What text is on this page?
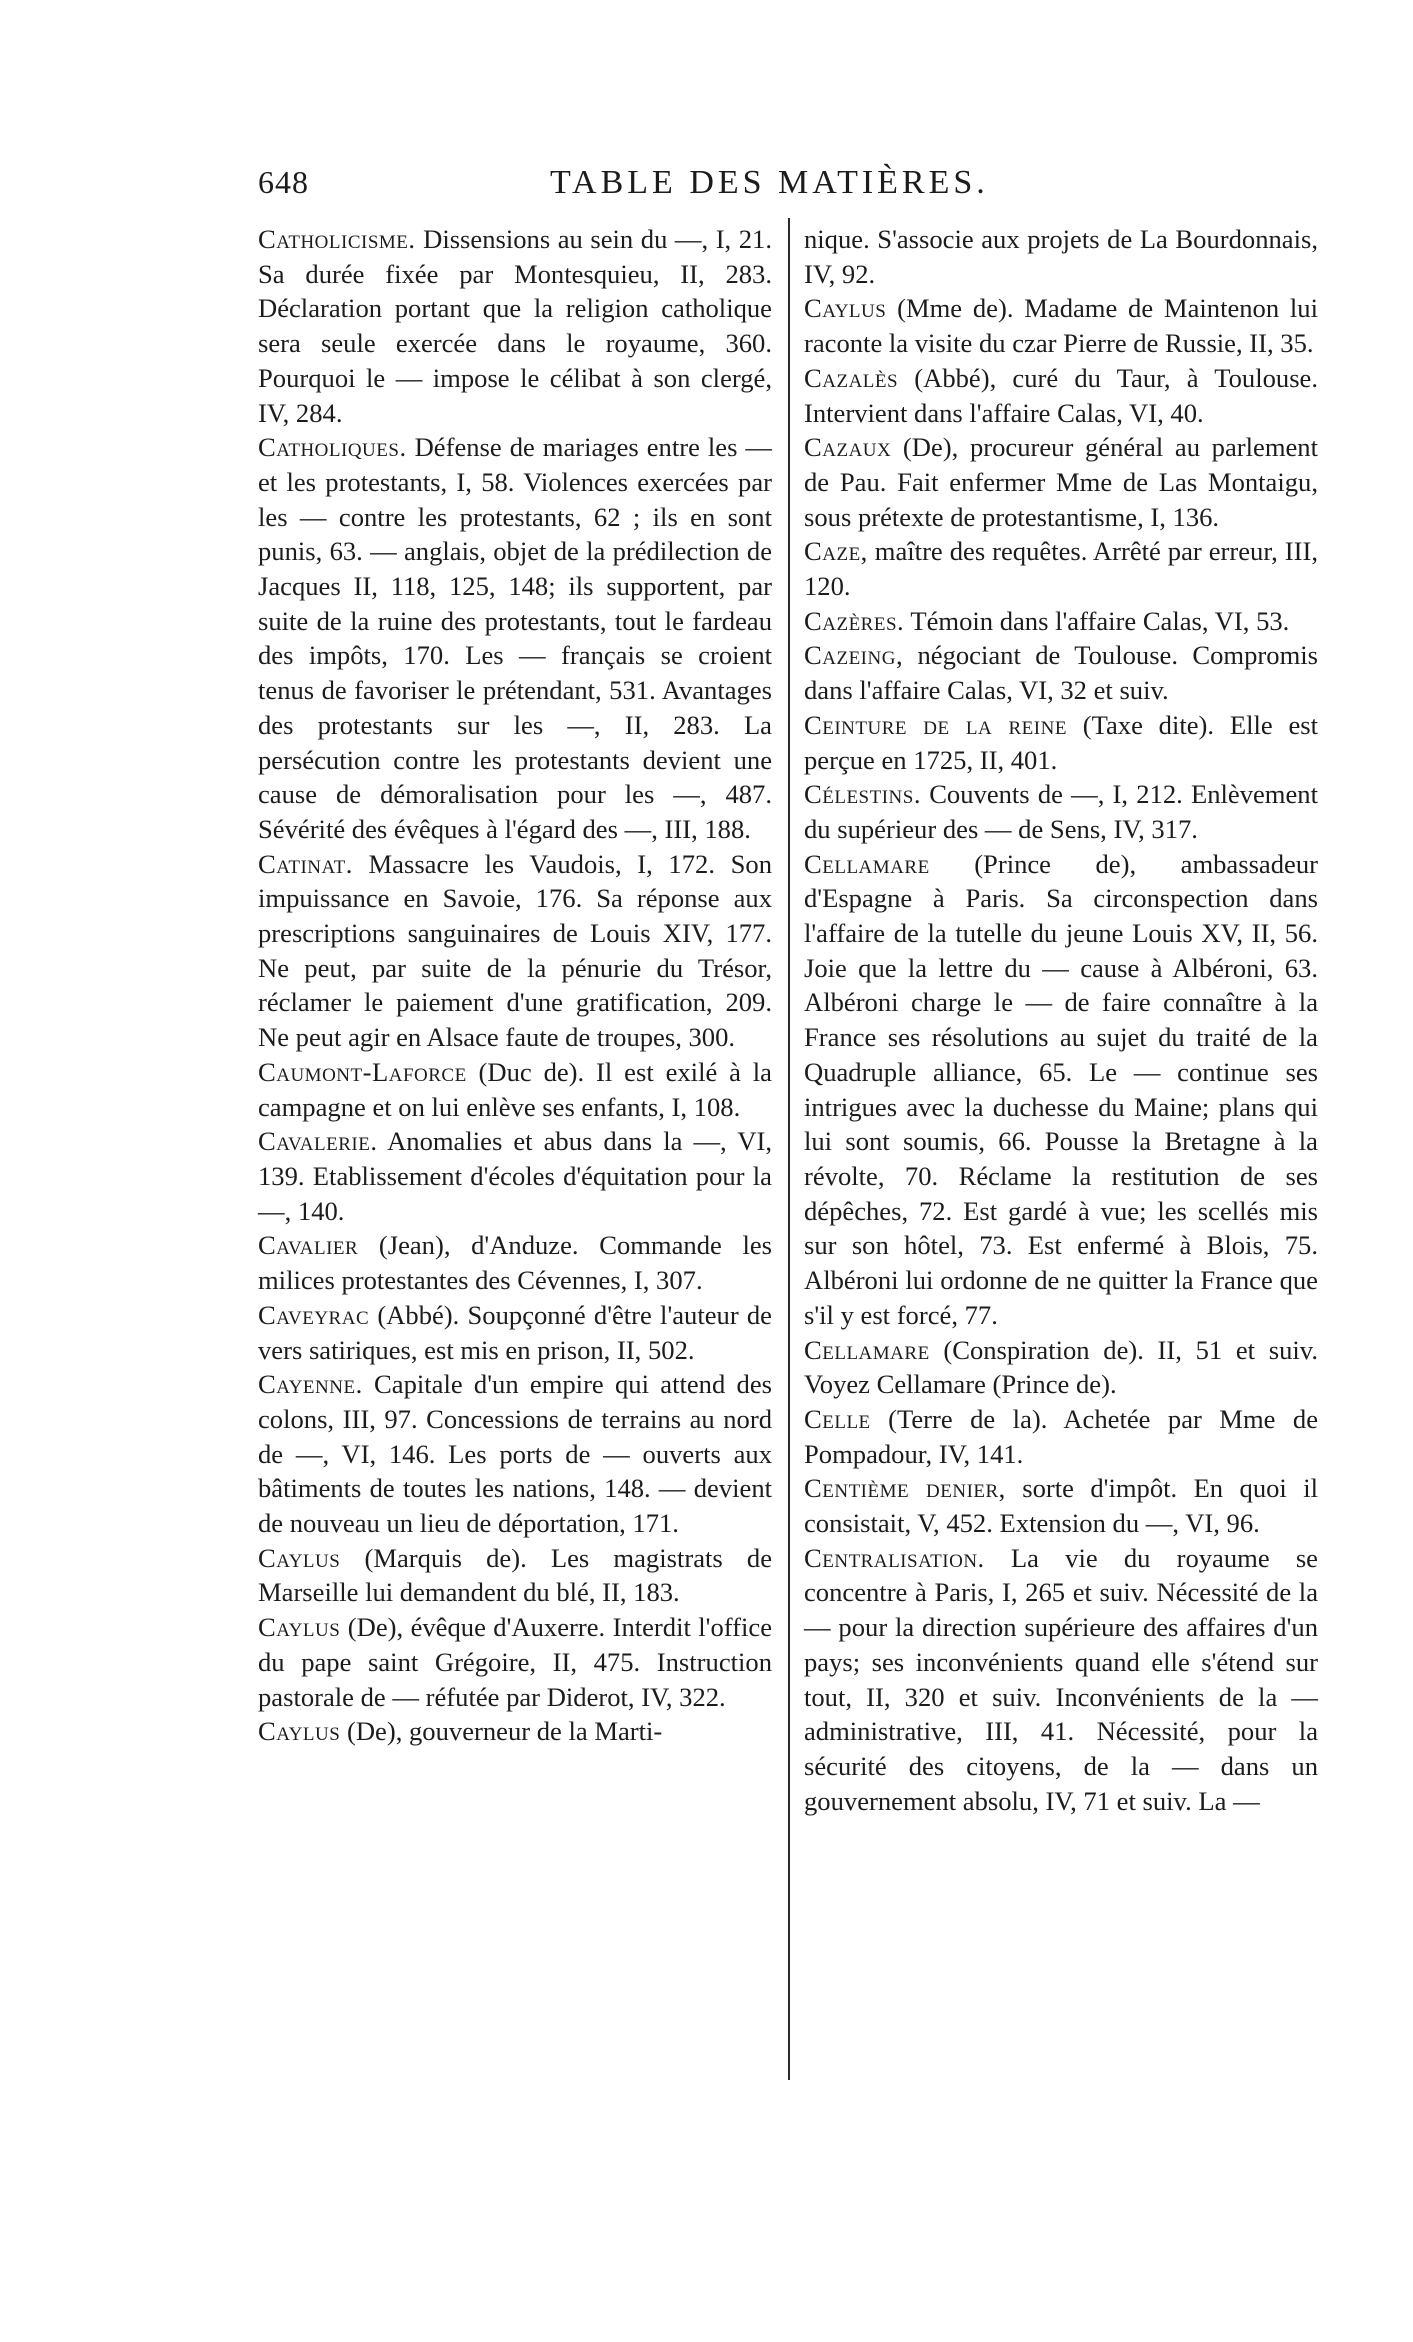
648	TABLE DES MATIÈRES.
Catholicisme. Dissensions au sein du —, I, 21. Sa durée fixée par Montesquieu, II, 283. Déclaration portant que la religion catholique sera seule exercée dans le royaume, 360. Pourquoi le — impose le célibat à son clergé, IV, 284.
Catholiques. Défense de mariages entre les — et les protestants, I, 58. Violences exercées par les — contre les protestants, 62 ; ils en sont punis, 63. — anglais, objet de la prédilection de Jacques II, 118, 125, 148; ils supportent, par suite de la ruine des protestants, tout le fardeau des impôts, 170. Les — français se croient tenus de favoriser le prétendant, 531. Avantages des protestants sur les —, II, 283. La persécution contre les protestants devient une cause de démoralisation pour les —, 487. Sévérité des évêques à l'égard des —, III, 188.
Catinat. Massacre les Vaudois, I, 172. Son impuissance en Savoie, 176. Sa réponse aux prescriptions sanguinaires de Louis XIV, 177. Ne peut, par suite de la pénurie du Trésor, réclamer le paiement d'une gratification, 209. Ne peut agir en Alsace faute de troupes, 300.
Caumont-Laforce (Duc de). Il est exilé à la campagne et on lui enlève ses enfants, I, 108.
Cavalerie. Anomalies et abus dans la —, VI, 139. Etablissement d'écoles d'équitation pour la —, 140.
Cavalier (Jean), d'Anduze. Commande les milices protestantes des Cévennes, I, 307.
Caveyrac (Abbé). Soupçonné d'être l'auteur de vers satiriques, est mis en prison, II, 502.
Cayenne. Capitale d'un empire qui attend des colons, III, 97. Concessions de terrains au nord de —, VI, 146. Les ports de — ouverts aux bâtiments de toutes les nations, 148. — devient de nouveau un lieu de déportation, 171.
Caylus (Marquis de). Les magistrats de Marseille lui demandent du blé, II, 183.
Caylus (De), évêque d'Auxerre. Interdit l'office du pape saint Grégoire, II, 475. Instruction pastorale de — réfutée par Diderot, IV, 322.
Caylus (De), gouverneur de la Marti-
nique. S'associe aux projets de La Bourdonnais, IV, 92.
Caylus (Mme de). Madame de Maintenon lui raconte la visite du czar Pierre de Russie, II, 35.
Cazalès (Abbé), curé du Taur, à Toulouse. Intervient dans l'affaire Calas, VI, 40.
Cazaux (De), procureur général au parlement de Pau. Fait enfermer Mme de Las Montaigu, sous prétexte de protestantisme, I, 136.
Caze, maître des requêtes. Arrêté par erreur, III, 120.
Cazères. Témoin dans l'affaire Calas, VI, 53.
Cazeing, négociant de Toulouse. Compromis dans l'affaire Calas, VI, 32 et suiv.
Ceinture de la reine (Taxe dite). Elle est perçue en 1725, II, 401.
Célestins. Couvents de —, I, 212. Enlèvement du supérieur des — de Sens, IV, 317.
Cellamare (Prince de), ambassadeur d'Espagne à Paris. Sa circonspection dans l'affaire de la tutelle du jeune Louis XV, II, 56. Joie que la lettre du — cause à Albéroni, 63. Albéroni charge le — de faire connaître à la France ses résolutions au sujet du traité de la Quadruple alliance, 65. Le — continue ses intrigues avec la duchesse du Maine; plans qui lui sont soumis, 66. Pousse la Bretagne à la révolte, 70. Réclame la restitution de ses dépêches, 72. Est gardé à vue; les scellés mis sur son hôtel, 73. Est enfermé à Blois, 75. Albéroni lui ordonne de ne quitter la France que s'il y est forcé, 77.
Cellamare (Conspiration de). II, 51 et suiv. Voyez Cellamare (Prince de).
Celle (Terre de la). Achetée par Mme de Pompadour, IV, 141.
Centième denier, sorte d'impôt. En quoi il consistait, V, 452. Extension du —, VI, 96.
Centralisation. La vie du royaume se concentre à Paris, I, 265 et suiv. Nécessité de la — pour la direction supérieure des affaires d'un pays; ses inconvénients quand elle s'étend sur tout, II, 320 et suiv. Inconvénients de la — administrative, III, 41. Nécessité, pour la sécurité des citoyens, de la — dans un gouvernement absolu, IV, 71 et suiv. La —
